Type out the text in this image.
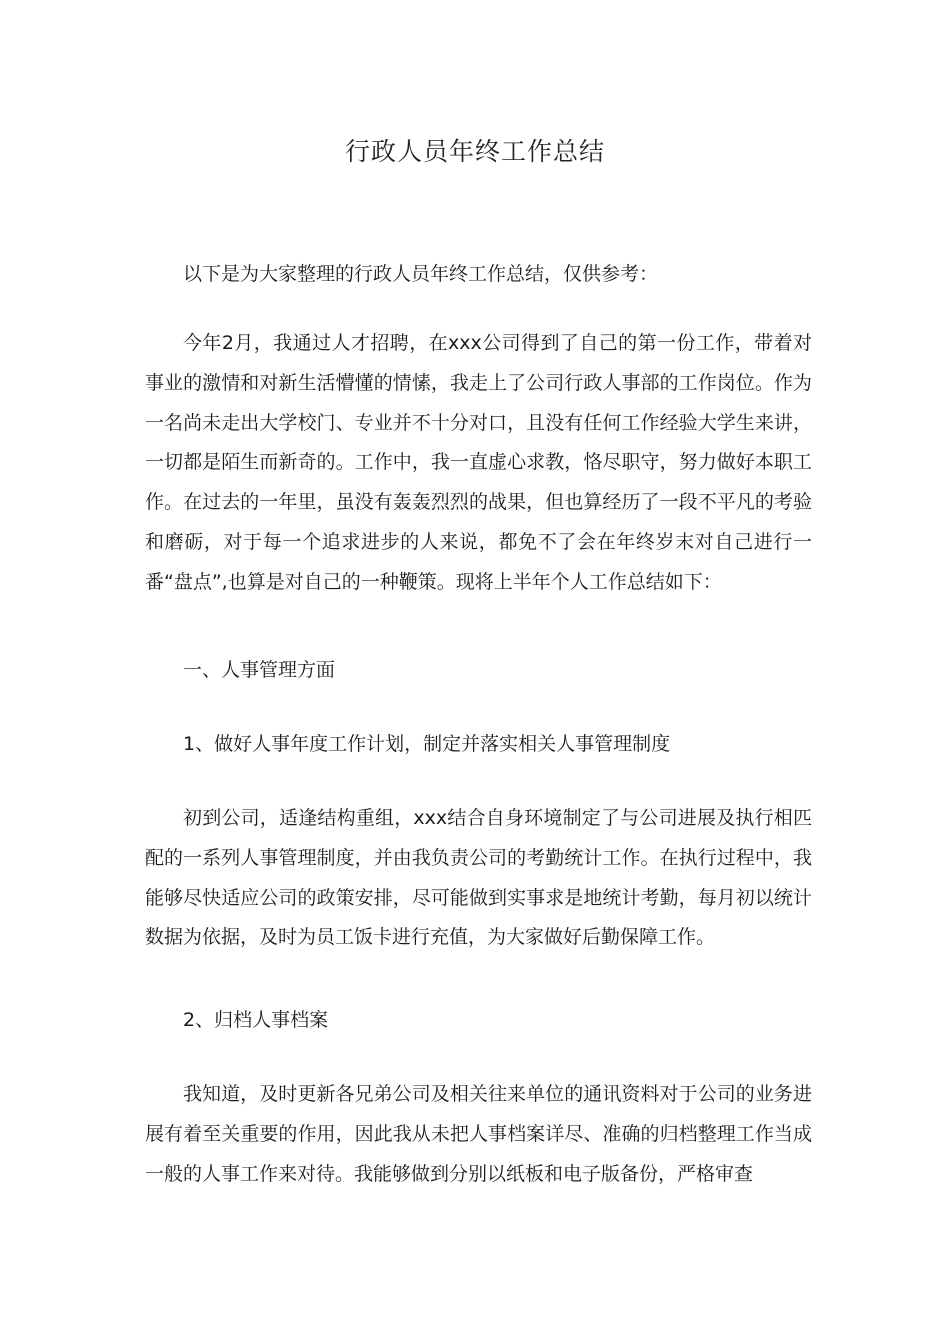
行政人员年终工作总结

以下是为大家整理的行政人员年终工作总结，仅供参考：

今年2月，我通过人才招聘，在xxx公司得到了自己的第一份工作，带着对事业的激情和对新生活懵懂的情愫，我走上了公司行政人事部的工作岗位。作为一名尚未走出大学校门、专业并不十分对口，且没有任何工作经验大学生来讲，一切都是陌生而新奇的。工作中，我一直虚心求教，恪尽职守，努力做好本职工作。在过去的一年里，虽没有轰轰烈烈的战果，但也算经历了一段不平凡的考验和磨砺，对于每一个追求进步的人来说，都免不了会在年终岁末对自己进行一番“盘点”,也算是对自己的一种鞭策。现将上半年个人工作总结如下：

一、人事管理方面

1、做好人事年度工作计划，制定并落实相关人事管理制度

初到公司，适逢结构重组，xxx结合自身环境制定了与公司进展及执行相匹配的一系列人事管理制度，并由我负责公司的考勤统计工作。在执行过程中，我能够尽快适应公司的政策安排，尽可能做到实事求是地统计考勤，每月初以统计数据为依据，及时为员工饭卡进行充值，为大家做好后勤保障工作。

2、归档人事档案

我知道，及时更新各兄弟公司及相关往来单位的通讯资料对于公司的业务进展有着至关重要的作用，因此我从未把人事档案详尽、准确的归档整理工作当成一般的人事工作来对待。我能够做到分别以纸板和电子版备份，严格审查
